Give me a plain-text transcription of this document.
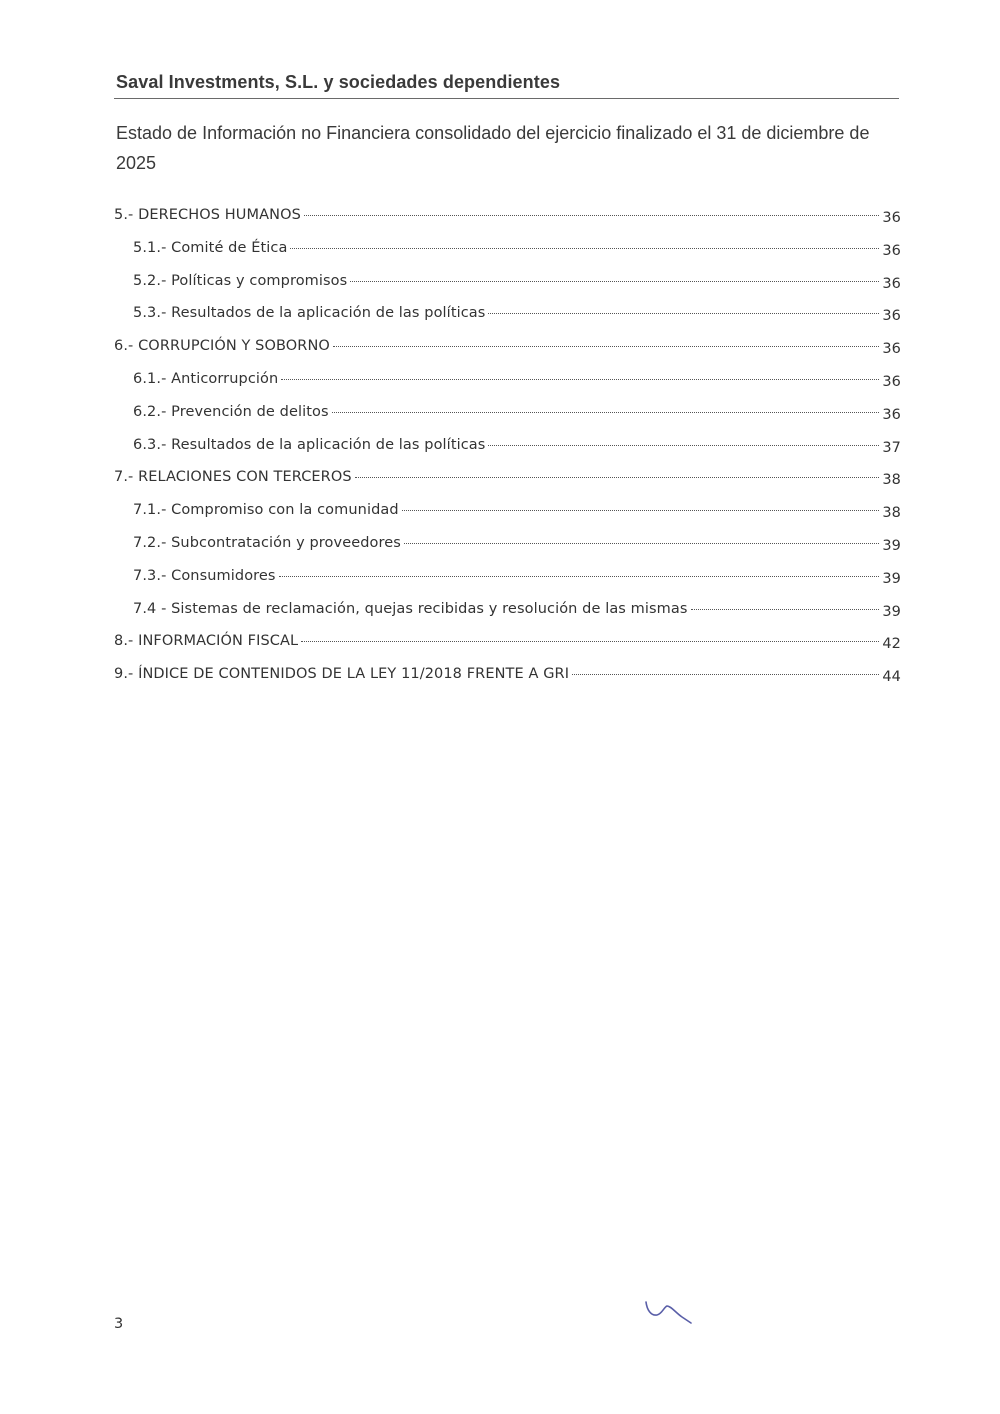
Saval Investments, S.L. y sociedades dependientes
Estado de Información no Financiera consolidado del ejercicio finalizado el 31 de diciembre de 2025
5.- DERECHOS HUMANOS	36
5.1.- Comité de Ética	36
5.2.- Políticas y compromisos	36
5.3.- Resultados de la aplicación de las políticas	36
6.- CORRUPCIÓN Y SOBORNO	36
6.1.- Anticorrupción	36
6.2.- Prevención de delitos	36
6.3.- Resultados de la aplicación de las políticas	37
7.- RELACIONES CON TERCEROS	38
7.1.- Compromiso con la comunidad	38
7.2.- Subcontratación y proveedores	39
7.3.- Consumidores	39
7.4 - Sistemas de reclamación, quejas recibidas y resolución de las mismas	39
8.- INFORMACIÓN FISCAL	42
9.- ÍNDICE DE CONTENIDOS DE LA LEY 11/2018 FRENTE A GRI	44
3
